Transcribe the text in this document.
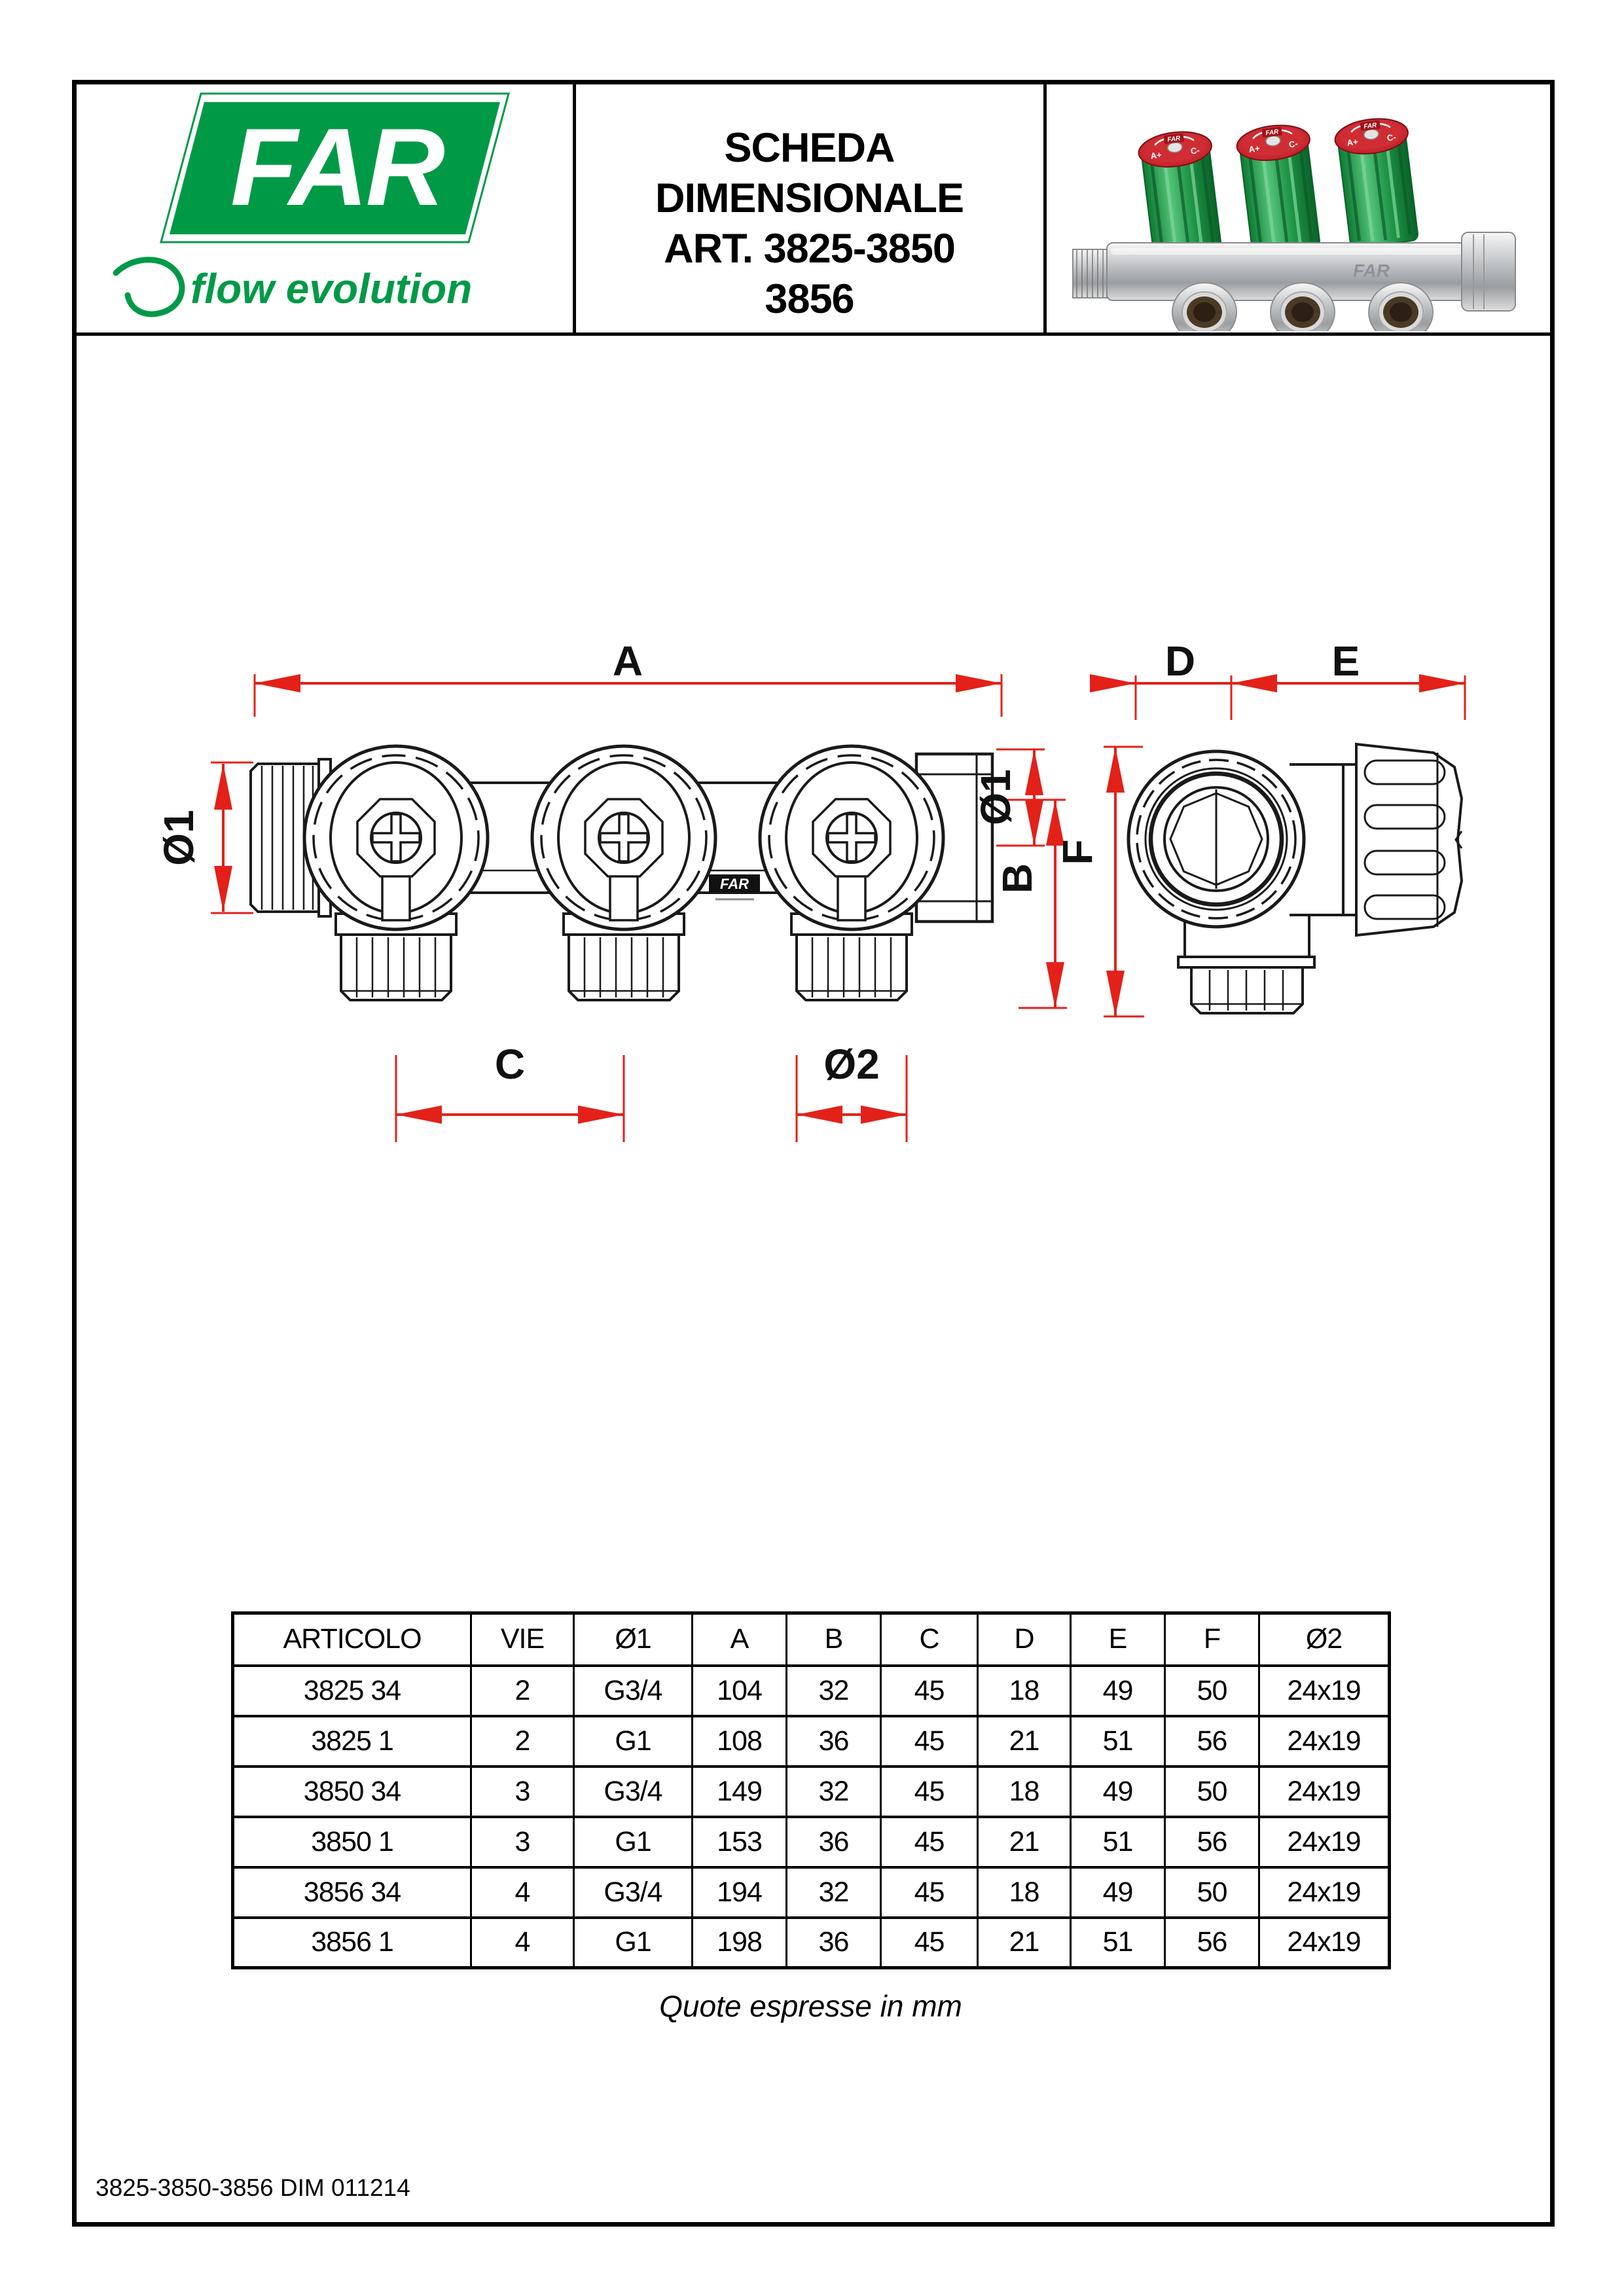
FAR
flow evolution
SCHEDA
DIMENSIONALE
ART. 3825-3850
3856
A+	C-
FAR
A+	C-
FAR
A+	C-
FAR
FAR
FAR
A	D	E
C	Ø2
Ø1
Ø1
B
F
ARTICOLO	VIE	Ø1	A	B	C	D	E	F	Ø2
3825 34	2	G3/4	104	32	45	18	49	50	24x19
3825 1	2	G1	108	36	45	21	51	56	24x19
3850 34	3	G3/4	149	32	45	18	49	50	24x19
3850 1	3	G1	153	36	45	21	51	56	24x19
3856 34	4	G3/4	194	32	45	18	49	50	24x19
3856 1	4	G1	198	36	45	21	51	56	24x19
Quote espresse in mm
3825-3850-3856 DIM 011214
